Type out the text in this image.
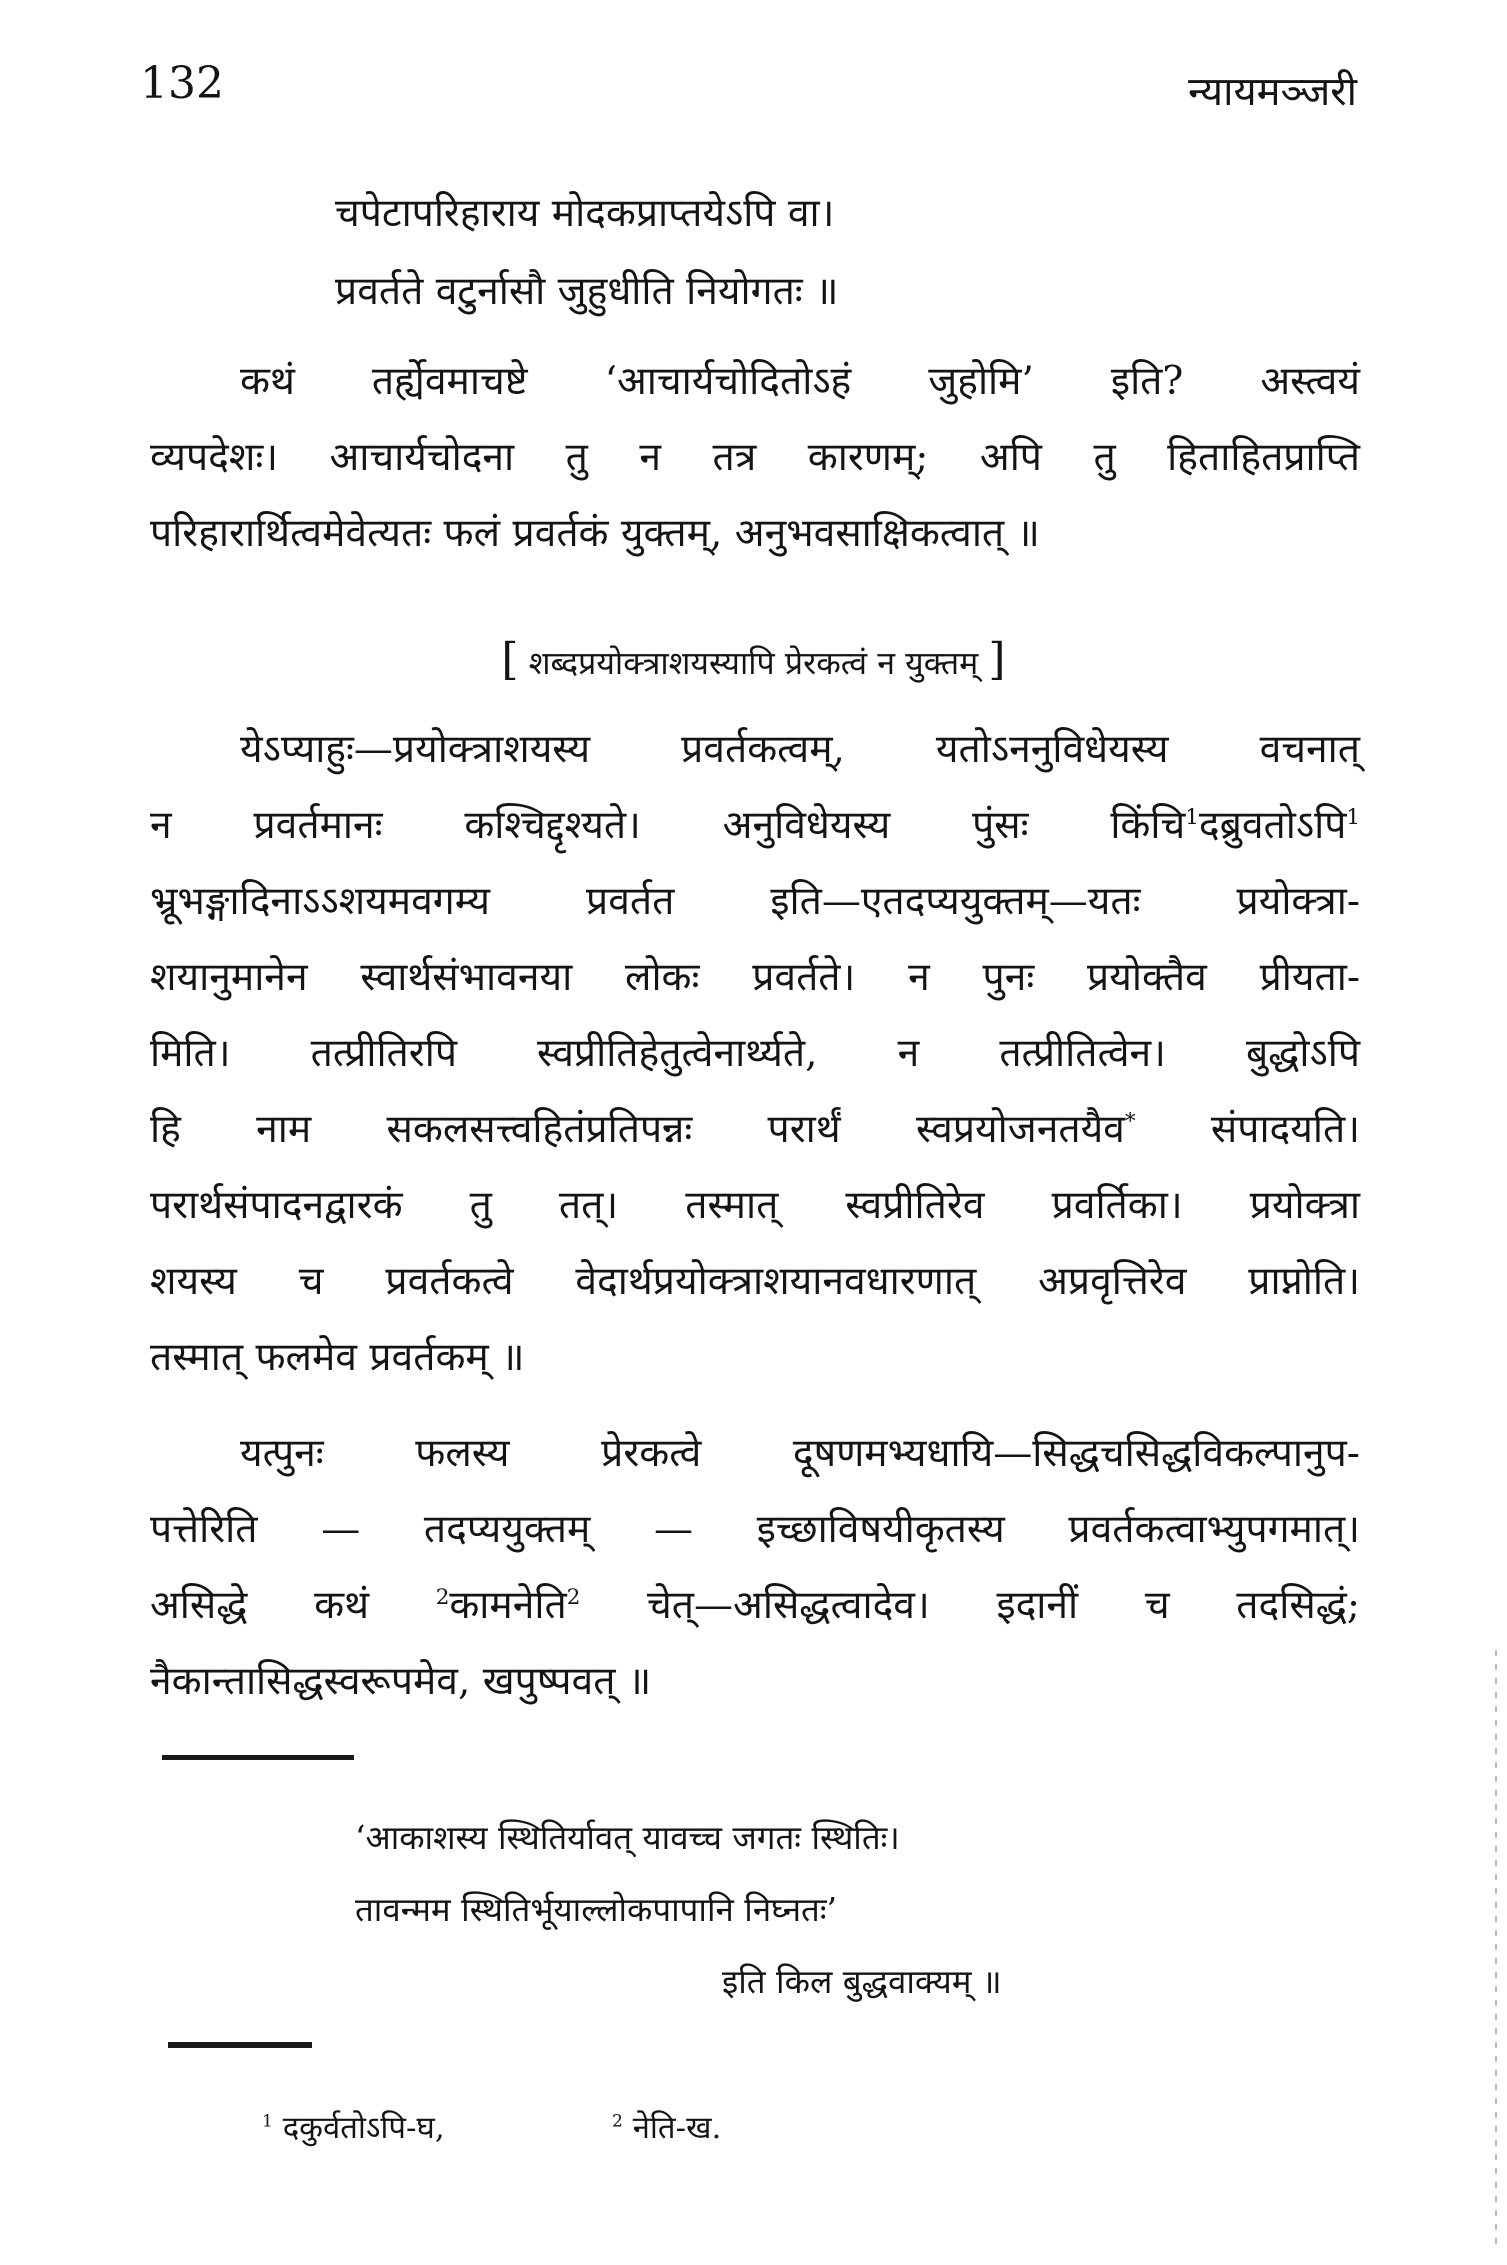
132	न्यायमञ्जरी
चपेटापरिहाराय मोदकप्राप्तयेऽपि वा।
प्रवर्तते वटुर्नासौ जुहुधीति नियोगतः ॥
कथं तर्ह्येवमाचष्टे ‘आचार्यचोदितोऽहं जुहोमि’ इति? अस्त्वयं
व्यपदेशः। आचार्यचोदना तु न तत्र कारणम्; अपि तु हिताहितप्राप्ति
परिहारार्थित्वमेवेत्यतः फलं प्रवर्तकं युक्तम्, अनुभवसाक्षिकत्वात् ॥
[ शब्दप्रयोक्त्राशयस्यापि प्रेरकत्वं न युक्तम् ]
येऽप्याहुः—प्रयोक्त्राशयस्य प्रवर्तकत्वम्, यतोऽननुविधेयस्य वचनात्
न प्रवर्तमानः कश्चिद्दृश्यते। अनुविधेयस्य पुंसः किंचि$^1$दब्रुवतोऽपि$^1$
भ्रूभङ्गादिनाऽऽशयमवगम्य प्रवर्तत इति—एतदप्ययुक्तम्—यतः प्रयोक्त्रा-
शयानुमानेन स्वार्थसंभावनया लोकः प्रवर्तते। न पुनः प्रयोक्तैव प्रीयता-
मिति। तत्प्रीतिरपि स्वप्रीतिहेतुत्वेनार्थ्यते, न तत्प्रीतित्वेन। बुद्धोऽपि
हि नाम सकलसत्त्वहितंप्रतिपन्नः परार्थं स्वप्रयोजनतयैव* संपादयति।
परार्थसंपादनद्वारकं तु तत्। तस्मात् स्वप्रीतिरेव प्रवर्तिका। प्रयोक्त्रा
शयस्य च प्रवर्तकत्वे वेदार्थप्रयोक्त्राशयानवधारणात् अप्रवृत्तिरेव प्राप्नोति।
तस्मात् फलमेव प्रवर्तकम् ॥
यत्पुनः फलस्य प्रेरकत्वे दूषणमभ्यधायि—सिद्धचसिद्धविकल्पानुप-
पत्तेरिति — तदप्ययुक्तम् — इच्छाविषयीकृतस्य प्रवर्तकत्वाभ्युपगमात्।
असिद्धे कथं	$^2$कामनेति$^2$ चेत्—असिद्धत्वादेव। इदानीं च तदसिद्धं;
नैकान्तासिद्धस्वरूपमेव, खपुष्पवत् ॥
‘आकाशस्य स्थितिर्यावत् यावच्च जगतः स्थितिः।
तावन्मम स्थितिर्भूयाल्लोकपापानि निघ्नतः’
इति किल बुद्धवाक्यम् ॥
$^1$ दकुर्वतोऽपि-घ,	$^2$ नेति-ख.
